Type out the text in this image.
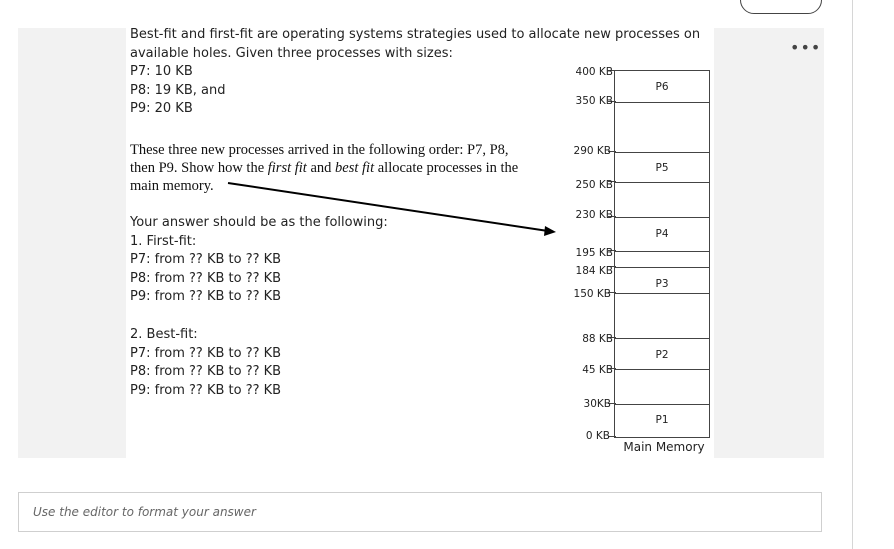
•••
Best-fit and first-fit are operating systems strategies used to allocate new processes on
available holes. Given three processes with sizes:
P7: 10 KB
P8: 19 KB, and
P9: 20 KB
These three new processes arrived in the following order: P7, P8,
then P9. Show how the first fit and best fit allocate processes in the
main memory.
Your answer should be as the following:
1. First-fit:
P7: from ?? KB to ?? KB
P8: from ?? KB to ?? KB
P9: from ?? KB to ?? KB
2. Best-fit:
P7: from ?? KB to ?? KB
P8: from ?? KB to ?? KB
P9: from ?? KB to ?? KB
400 KB
350 KB
290 KB
250 KB
230 KB
195 KB
184 KB
150 KB
88 KB
45 KB
30KB
0 KB
P6
P5
P4
P3
P2
P1
Main Memory
Use the editor to format your answer
